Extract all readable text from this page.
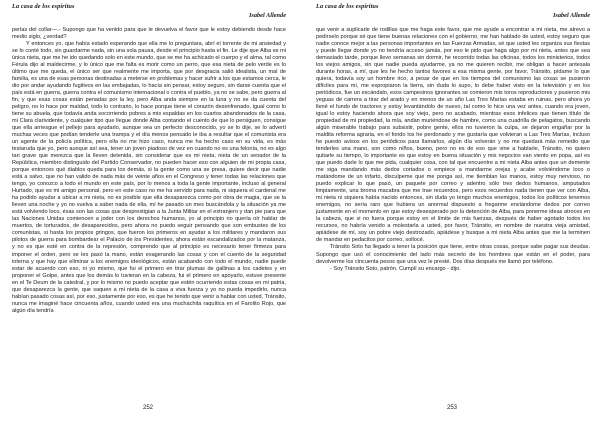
La casa de los espíritus
Isabel Allende

perlas del collar—.- Supongo que ha venido para que le devuelva el favor que le estoy debiendo desde hace medio siglo, ¿verdad?

Y entonces yo, que había estado esperando que ella me lo preguntara, abrí el torrente de mi ansiedad y se lo conté todo, sin guardarme nada, sin una sola pausa, desde el principio hasta el fin. Le dije que Alba es mi única nieta, que me he ido quedando solo en este mundo, que se me ha achicado el cuerpo y el alma, tal como Férula dijo al maldecirme, y lo único que me falta es morir como un perro, que esa nieta de pelo verde es lo último que me queda, el único ser que realmente me importa, que por desgracia salió idealista, un mal de familia, es una de esas personas destinadas a meterse en problemas y hacer sufrir a los que estamos cerca, le dio por andar ayudando fugitivos en las embajadas, lo hacía sin pensar, estoy seguro, sin darse cuenta que el país está en guerra, guerra contra el comunismo internacional o contra el pueblo, ya no se sabe, pero guerra al fin, y que esas cosas están penadas por la ley, pero Alba anda siempre en la luna y no se da cuenta del peligro, no lo hace por maldad, todo lo contrario, lo hace porque tiene el corazón desenfrenado, igual como lo tiene su abuela, que todavía anda socorriendo pobres a mis espaldas en los cuartos abandonados de la casa, mi Clara clarividente, y cualquier tipo que llegue donde Alba contando el cuento de que lo persiguen, consigue que ella arriesgue el pellejo para ayudarlo, aunque sea un perfecto desconocido, yo se lo dije, se lo advertí muchas veces que podían tenderle una trampa y el día menos pensado le iba a resultar que el comunista era un agente de la policía política, pero ella no me hizo caso, nunca me ha hecho caso en su vida, es más testaruda que yo, pero aunque así sea, tener un joven piadoso de vez en cuando no es una felonía, no es algo tan grave que merezca que la lleven detenida, sin considerar que es mi nieta, nieta de un senador de la República, miembro distinguido del Partido Conservador, no pueden hacer eso con alguien de mi propia casa, porque entonces qué diablos queda para los demás, si la gente como una se presa, quiere decir que nadie está a salvo, que no han valido de nada más de veinte años en el Congreso y tener todas las relaciones que tengo, yo conozco a todo el mundo en este país, por lo menos a toda la gente importante, incluso al general Hurtado, que es mi amigo personal, pero en este caso no me ha servido para nada, ni siquiera el cardenal me ha podido ayudar a ubicar a mi nieta, no es posible que ella desaparezca como por obra de magia, que se la lleven una noche y yo no vuelva a saber nada de ella, mí he pasado un mes buscándola y la situación ya me está volviendo loco, ésas son las cosas que desprestigian a la Junta Militar en el extranjero y dan pie para que las Naciones Unidas comiencen a joder con los derechos humanos, yo al principio no quería oír hablar de muertos, de torturados, de desaparecidos, pero ahora no puedo seguir pensando que son embustes de los comunistas, si hasta los propios gringos, que fueron los primeros en ayudar a los militares y mandaron sus pilotos de guerra para bombardear el Palacio de los Presidentes, ahora están escandalizados por la matanza, y no es que esté en contra de la represión, comprendo que al principio es necesario tener firmeza para imponer el orden, pero se les pasó la mano, están exagerando las cosas y con el cuento de la seguridad interna y que hay que eliminar a los enemigos ideológicos, están acabando con todo el mundo, nadie puede estar de acuerdo con eso, ni yo mismo, que fui el primero en tirar plumas de gallinas a los cadetes y en proponer el Golpe, antes que los demás lo tuvieran en la cabeza, fui el primero en apoyarlo, estuve presente en el Te Deum de la catedral, y por lo mismo no puedo aceptar que estén ocurriendo estas cosas en mi patria, que desaparezca la gente, que saquen a mi nieta de la casa a viva fuerza y yo no pueda impedirlo, nunca habían pasado cosas así, por eso, justamente por eso, es que he tenido que venir a hablar con usted, Tránsito, nunca me imaginé hace cincuenta años, cuando usted era una muchachita raquítica en el Farolito Rojo, que algún día tendría

252
La casa de los espíritus
Isabel Allende

que venir a suplicarle de rodillas que me haga este favor, que me ayude a encontrar a mi nieta, me atrevo a pedírselo porque sé que tiene buenas relaciones con el gobierno, me han hablado de usted, estoy seguro que nadie conoce mejor a las personas importantes en las Fuerzas Armadas, sé que usted les organiza sus fiestas y puede llegar donde yo no tendría acceso jamás, por eso le pido que haga algo por mi nieta, antes que sea demasiado tarde, porque llevo semanas sin dormir, he recorrido todas las oficinas, todos los ministerios, todos los viejos amigos, sin que nadie pueda ayudarme, ya no me quieren recibir, me obligan a hacer antesala durante horas, a mí, que les he hecho tantos favores a esa misma gente, por favor, Tránsito, pídame lo que quiera, todavía soy un hombre rico, a pesar de que en los tiempos del comunismo las cosas se pusieron difíciles para mí, me expropiaron la tierra, sin duda lo supo, lo debe haber visto en la televisión y en los periódicos, fue un escándalo, esos campesinos ignorantes se comieron mis toros reproductores y pusieron mis yeguas de carrera a tirar del arado y en menos de un año Las Tres Marías estaba en ruinas, pero ahora yo llené el fundo de tractores y estoy levantándolo de nuevo, tal como lo hice una vez antes, cuando era joven, igual lo estoy haciendo ahora que soy viejo, pero no acabado, mientras esos infelices que tienen título de propiedad de mi propiedad, la mía, andan muriéndose de hambre, como una cuadrilla de pelagatos, buscando algún miserable trabajo para subsistir, pobre gente, ellos no tuvieron la culpa, se dejaron engañar por la maldita reforma agraria, en el fondo los he perdonado y me gustaría que volvieran a Las Tres Marías, incluso he puesto avisos en los periódicos para llamarlos, algún día volverán y no me quedará más remedio que tenderles una mano, son como niños, bueno, pero no es de eso que vine a hablarle, Tránsito, no quiero quitarle su tiempo, lo importante es que estoy en buena situación y mis negocios van viento en popa, así es que puedo darle lo que me pida, cualquier cosa, con tal que encuentre a mi nieta Alba antes que un demente me siga mandando más dedos cortados o empiece a mandarme orejas y acabe volviéndome loco o matándome de un infarto, disculpeme que me ponga así, me tiemblan las manos, estoy muy nervioso, no puedo explicar lo que pasó, un paquete por correo y adentro sólo tres dedos humanos, amputados limpiamente, una broma macabra que me trae recuerdos, pero esos recuerdos nada tienen que ver con Alba, mi nieta ni siquiera había nacido entonces, sin duda yo tengo muchos enemigos, todos los políticos tenemos enemigos, no sería raro que hubiera un anormal dispuesto a fregarme enviándome dedos por correo justamente en el momento en que estoy desesperado por la detención de Alba, para ponerme ideas atroces en la cabeza, que si no fuera porque estoy en el límite de mis fuerzas, después de haber agotado todos los recursos, no habría venido a molestarla a usted, por favor, Tránsito, en nombre de nuestra vieja amistad, apiádese de mí, soy un pobre viejo destrozado, apiádese y busque a mi nieta Alba antes que me la terminen de mandar en pedacitos por correo, sollocé.

Tránsito Soto ha llegado a tener la posición que tiene, entre otras cosas, porque sabe pagar sus deudas. Supongo que usó el conocimiento del lado más secreto de los hombres que están en el poder, para devolverme los cincuenta pesos que una vez le presté. Dos días después me llamó por teléfono.

- Soy Tránsito Soto, patrón. Cumplí su encargo - dijo.

253
